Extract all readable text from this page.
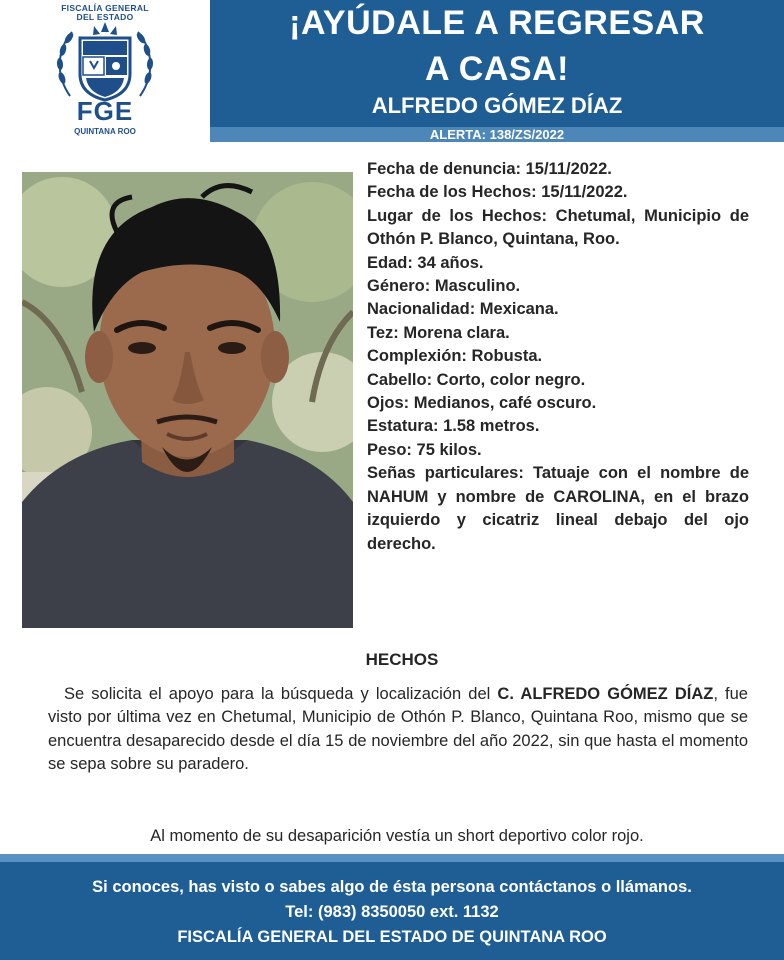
FISCALÍA GENERAL
DEL ESTADO
FGE
QUINTANA ROO
¡AYÚDALE A REGRESAR
A CASA!
ALFREDO GÓMEZ DÍAZ
ALERTA: 138/ZS/2022

Fecha de denuncia: 15/11/2022.

Fecha de los Hechos: 15/11/2022.

Lugar de los Hechos: Chetumal, Municipio de Othón P. Blanco, Quintana, Roo.

Edad: 34 años.

Género: Masculino.

Nacionalidad: Mexicana.

Tez: Morena clara.

Complexión: Robusta.

Cabello: Corto, color negro.

Ojos: Medianos, café oscuro.

Estatura: 1.58 metros.

Peso: 75 kilos.

Señas particulares: Tatuaje con el nombre de NAHUM y nombre de CAROLINA, en el brazo izquierdo y cicatriz lineal debajo del ojo derecho.

HECHOS
Se solicita el apoyo para la búsqueda y localización del C. ALFREDO GÓMEZ DÍAZ, fue visto por última vez en Chetumal, Municipio de Othón P. Blanco, Quintana Roo, mismo que se encuentra desaparecido desde el día 15 de noviembre del año 2022, sin que hasta el momento se sepa sobre su paradero.
Al momento de su desaparición vestía un short deportivo color rojo.
Si conoces, has visto o sabes algo de ésta persona contáctanos o llámanos.
Tel: (983) 8350050 ext. 1132
FISCALÍA GENERAL DEL ESTADO DE QUINTANA ROO
